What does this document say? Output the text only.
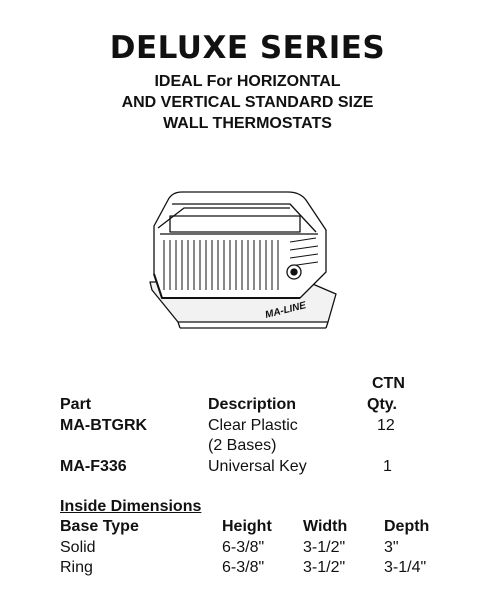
DELUXE SERIES
IDEAL For HORIZONTAL
AND VERTICAL STANDARD SIZE
WALL THERMOSTATS
MA-LINE
CTN
Part	Description	Qty.
MA-BTGRK	Clear Plastic	12
(2 Bases)
MA-F336	Universal Key	1
Inside Dimensions
Base Type	Height Width Depth
Solid	6-3/8" 3-1/2" 3"
Ring	6-3/8" 3-1/2" 3-1/4"
